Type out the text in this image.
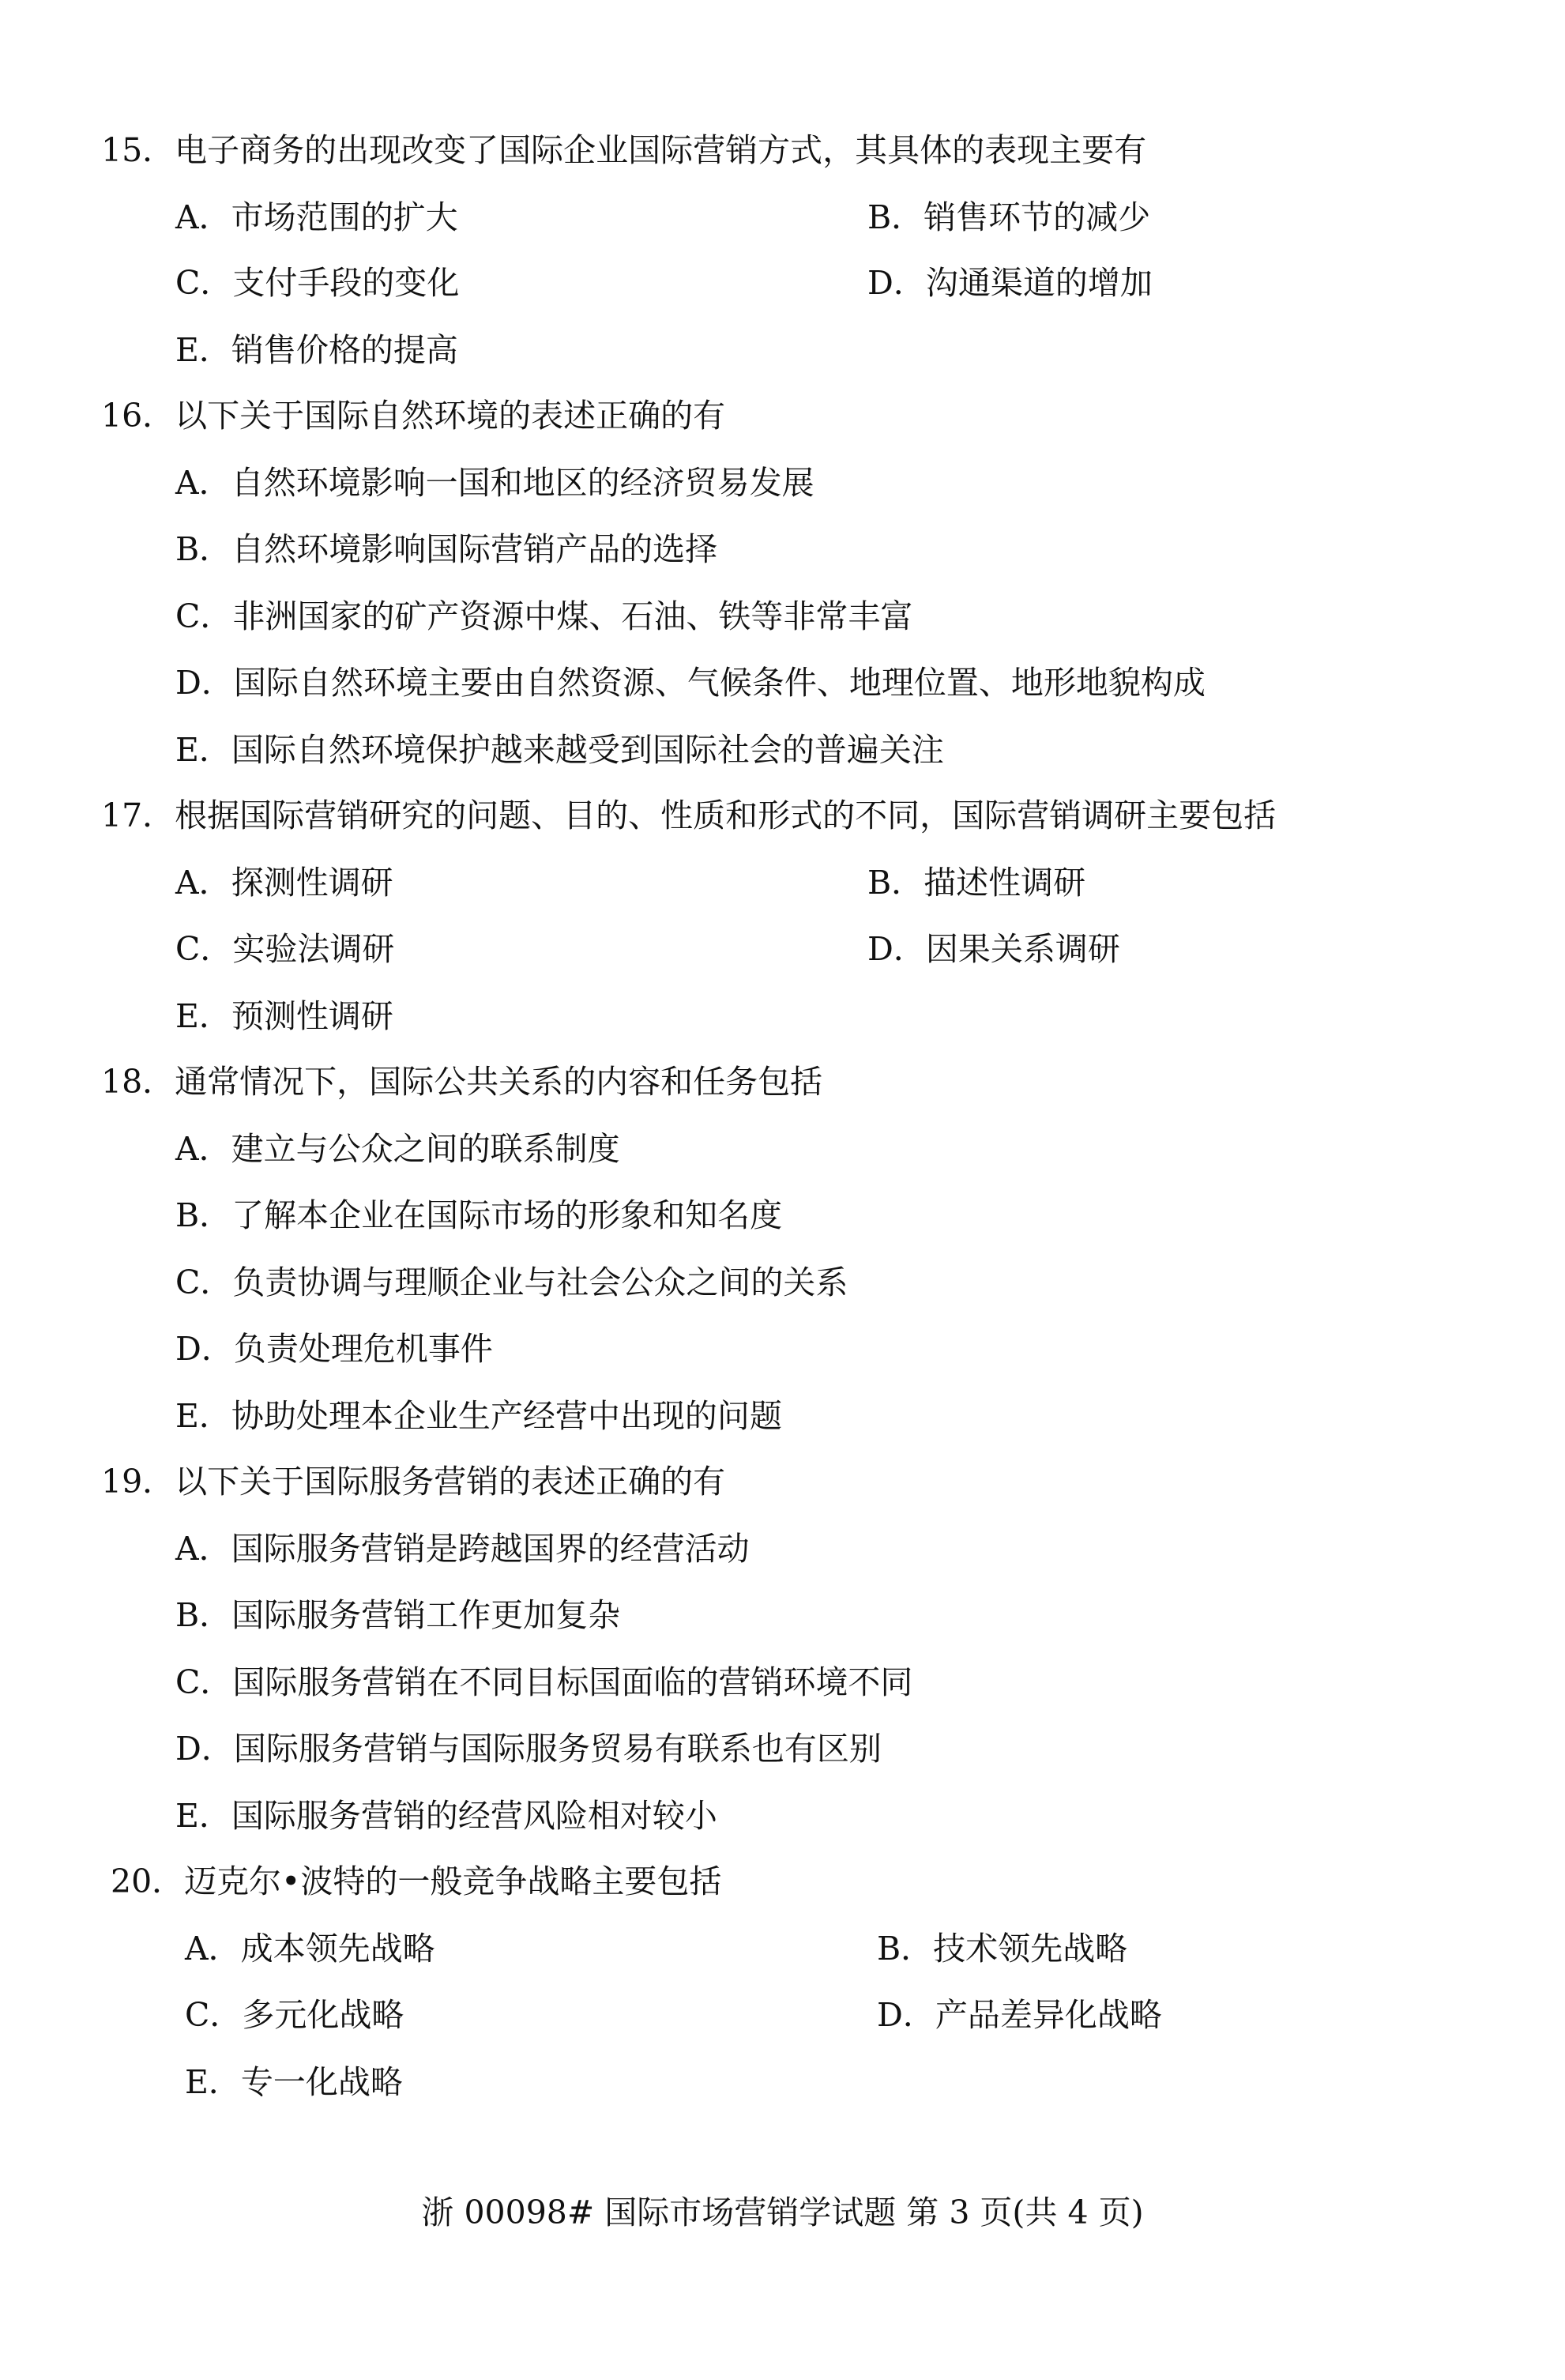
15．电子商务的出现改变了国际企业国际营销方式，其具体的表现主要有
A．市场范围的扩大	B．销售环节的减少
C．支付手段的变化	D．沟通渠道的增加
E．销售价格的提高
16．以下关于国际自然环境的表述正确的有
A．自然环境影响一国和地区的经济贸易发展
B．自然环境影响国际营销产品的选择
C．非洲国家的矿产资源中煤、石油、铁等非常丰富
D．国际自然环境主要由自然资源、气候条件、地理位置、地形地貌构成
E．国际自然环境保护越来越受到国际社会的普遍关注
17．根据国际营销研究的问题、目的、性质和形式的不同，国际营销调研主要包括
A．探测性调研	B．描述性调研
C．实验法调研	D．因果关系调研
E．预测性调研
18．通常情况下，国际公共关系的内容和任务包括
A．建立与公众之间的联系制度
B．了解本企业在国际市场的形象和知名度
C．负责协调与理顺企业与社会公众之间的关系
D．负责处理危机事件
E．协助处理本企业生产经营中出现的问题
19．以下关于国际服务营销的表述正确的有
A．国际服务营销是跨越国界的经营活动
B．国际服务营销工作更加复杂
C．国际服务营销在不同目标国面临的营销环境不同
D．国际服务营销与国际服务贸易有联系也有区别
E．国际服务营销的经营风险相对较小
20．迈克尔•波特的一般竞争战略主要包括
A．成本领先战略	B．技术领先战略
C．多元化战略	D．产品差异化战略
E．专一化战略
浙 00098# 国际市场营销学试题 第 3 页(共 4 页)
